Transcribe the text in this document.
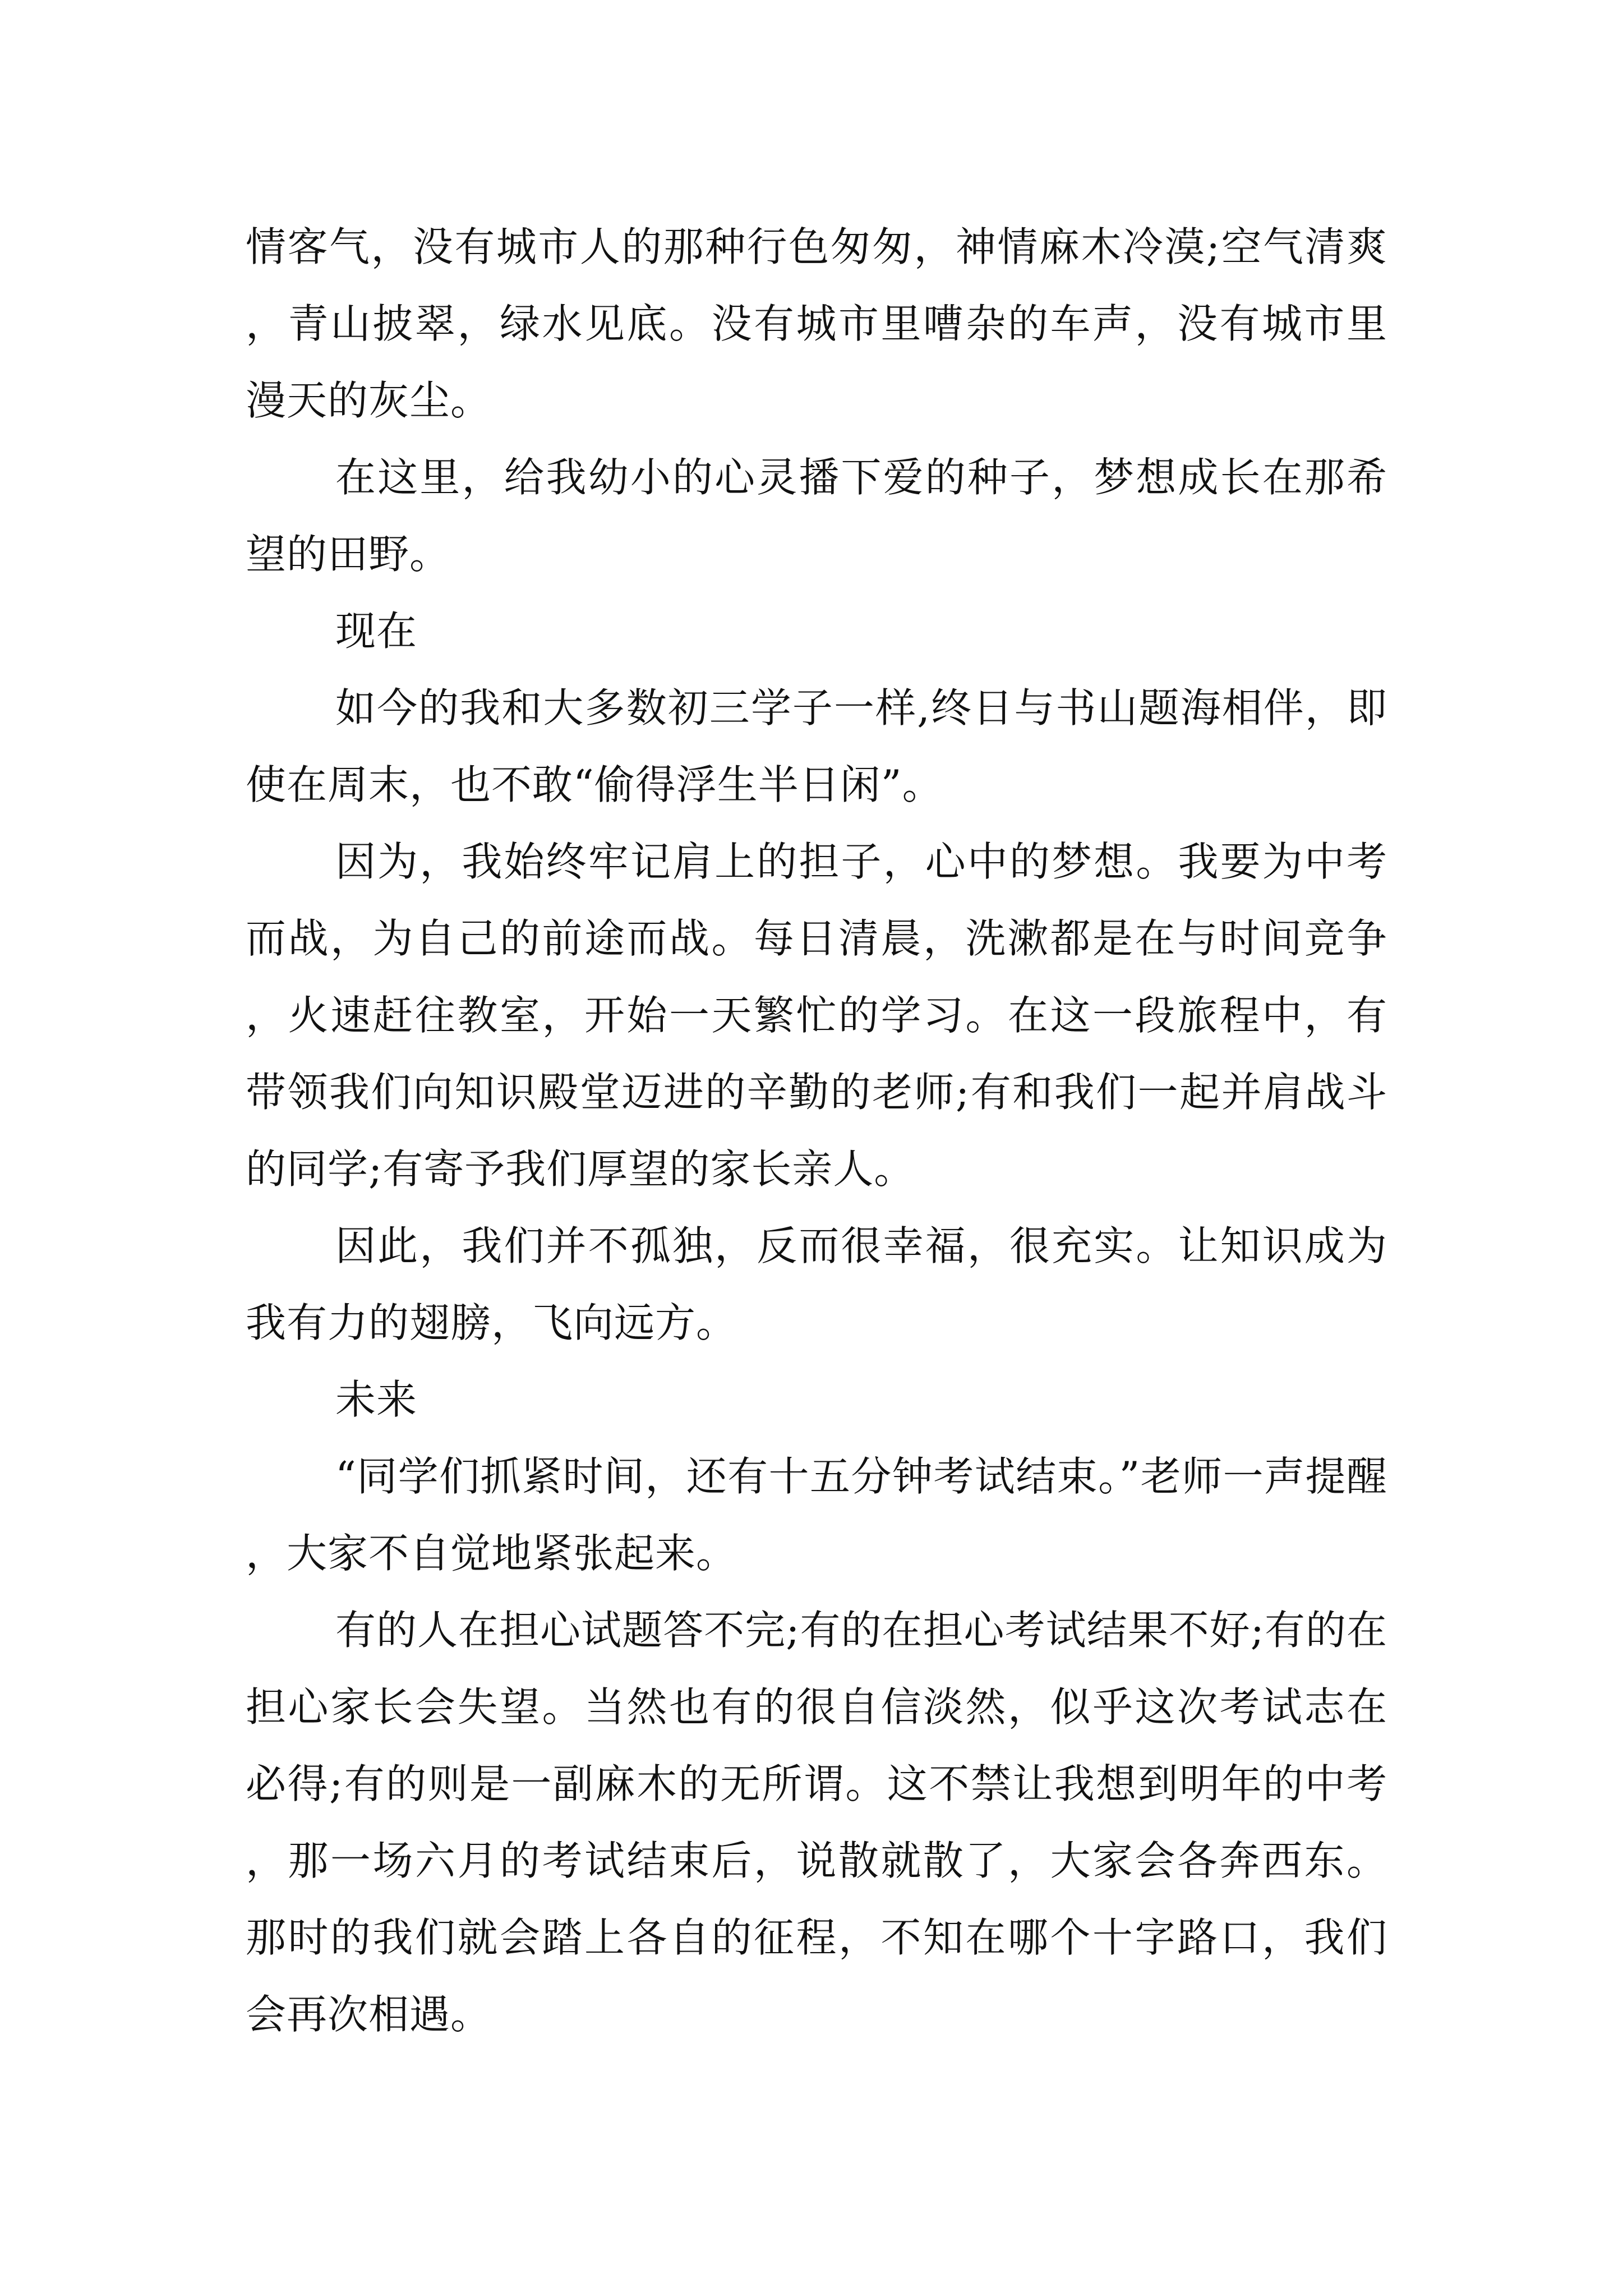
情客气，没有城市人的那种行色匆匆，神情麻木冷漠;空气清爽，青山披翠，绿水见底。没有城市里嘈杂的车声，没有城市里漫天的灰尘。

在这里，给我幼小的心灵播下爱的种子，梦想成长在那希望的田野。

现在

如今的我和大多数初三学子一样,终日与书山题海相伴，即使在周末，也不敢“偷得浮生半日闲”。

因为，我始终牢记肩上的担子，心中的梦想。我要为中考而战，为自己的前途而战。每日清晨，洗漱都是在与时间竞争，火速赶往教室，开始一天繁忙的学习。在这一段旅程中，有带领我们向知识殿堂迈进的辛勤的老师;有和我们一起并肩战斗的同学;有寄予我们厚望的家长亲人。

因此，我们并不孤独，反而很幸福，很充实。让知识成为我有力的翅膀，飞向远方。

未来

“同学们抓紧时间，还有十五分钟考试结束。”老师一声提醒，大家不自觉地紧张起来。

有的人在担心试题答不完;有的在担心考试结果不好;有的在担心家长会失望。当然也有的很自信淡然，似乎这次考试志在必得;有的则是一副麻木的无所谓。这不禁让我想到明年的中考，那一场六月的考试结束后，说散就散了，大家会各奔西东。那时的我们就会踏上各自的征程，不知在哪个十字路口，我们会再次相遇。
